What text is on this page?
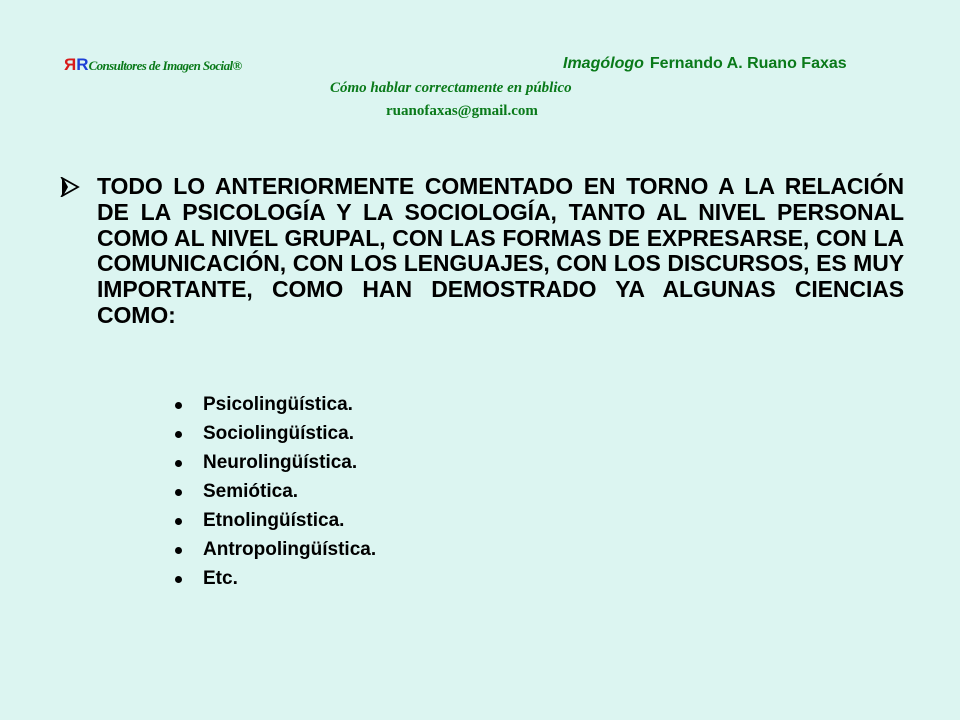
RRConsultores de Imagen Social®	Imagólogo Fernando A. Ruano Faxas
Cómo hablar correctamente en público
ruanofaxas@gmail.com

TODO LO ANTERIORMENTE COMENTADO EN TORNO A LA RELACIÓN DE LA PSICOLOGÍA Y LA SOCIOLOGÍA, TANTO AL NIVEL PERSONAL COMO AL NIVEL GRUPAL, CON LAS FORMAS DE EXPRESARSE, CON LA COMUNICACIÓN, CON LOS LENGUAJES, CON LOS DISCURSOS, ES MUY IMPORTANTE, COMO HAN DEMOSTRADO YA ALGUNAS CIENCIAS COMO:

Psicolingüística.
Sociolingüística.
Neurolingüística.
Semiótica.
Etnolingüística.
Antropolingüística.
Etc.
